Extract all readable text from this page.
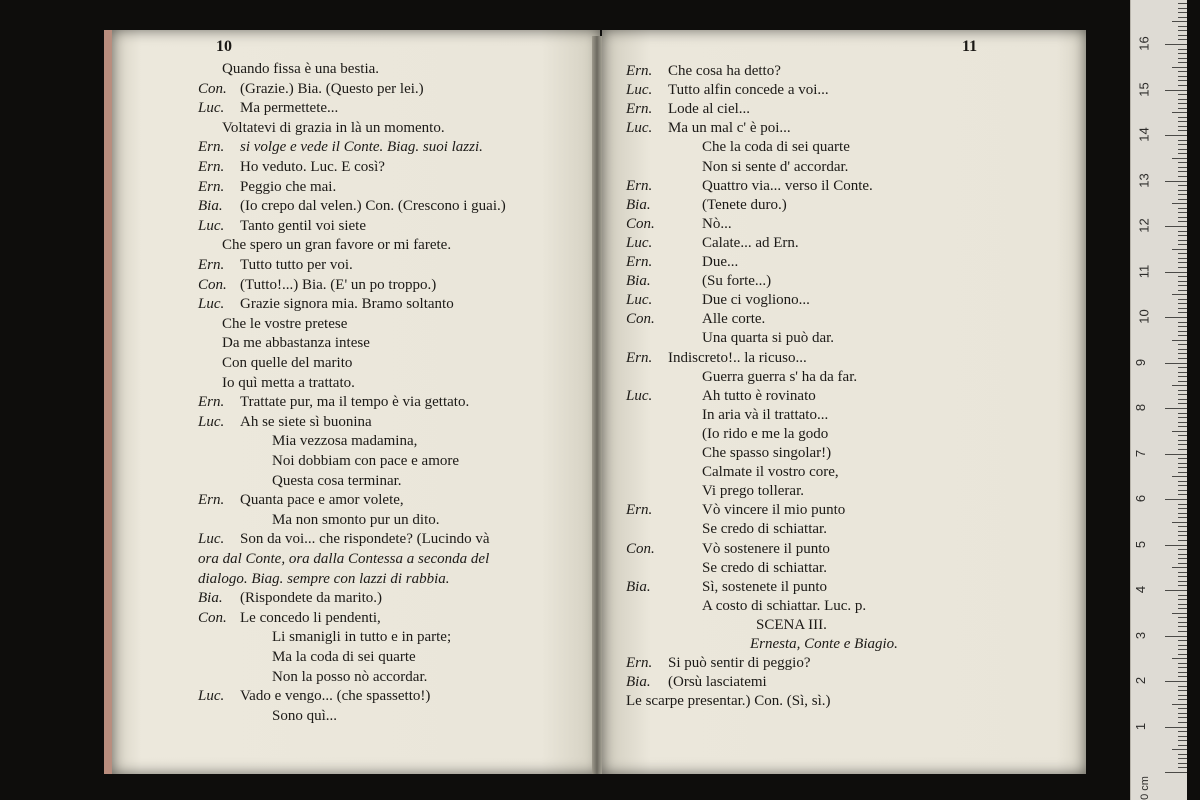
10
Quando fissa è una bestia.
Con. (Grazie.) Bia. (Questo per lei.)
Luc. Ma permettete...
Voltatevi di grazia in là un momento.
Ern. si volge e vede il Conte. Biag. suoi lazzi.
Ern. Ho veduto. Luc. E così?
Ern. Peggio che mai.
Bia. (Io crepo dal velen.) Con. (Crescono i guai.)
Luc. Tanto gentil voi siete
Che spero un gran favore or mi farete.
Ern. Tutto tutto per voi.
Con. (Tutto!...) Bia. (E' un po troppo.)
Luc. Grazie signora mia. Bramo soltanto
Che le vostre pretese
Da me abbastanza intese
Con quelle del marito
Io quì metta a trattato.
Ern. Trattate pur, ma il tempo è via gettato.
Luc. Ah se siete sì buonina
Mia vezzosa madamina,
Noi dobbiam con pace e amore
Questa cosa terminar.
Ern. Quanta pace e amor volete,
Ma non smonto pur un dito.
Luc. Son da voi... che rispondete? (Lucindo và
ora dal Conte, ora dalla Contessa a seconda del
dialogo. Biag. sempre con lazzi di rabbia.
Bia. (Rispondete da marito.)
Con. Le concedo li pendenti,
Li smanigli in tutto e in parte;
Ma la coda di sei quarte
Non la posso nò accordar.
Luc. Vado e vengo... (che spassetto!)
Sono quì...
11
Ern. Che cosa ha detto?
Luc. Tutto alfin concede a voi...
Ern. Lode al ciel...
Luc. Ma un mal c' è poi...
Che la coda di sei quarte
Non si sente d' accordar.
Ern.	Quattro via... verso il Conte.
Bia.	(Tenete duro.)
Con.	Nò...
Luc.	Calate... ad Ern.
Ern.	Due...
Bia.	(Su forte...)
Luc.	Due ci vogliono...
Con.	Alle corte.
Una quarta si può dar.
Ern. Indiscreto!.. la ricuso...
Guerra guerra s' ha da far.
Luc.	Ah tutto è rovinato
In aria và il trattato...
(Io rido e me la godo
Che spasso singolar!)
Calmate il vostro core,
Vi prego tollerar.
Ern.	Vò vincere il mio punto
Se credo di schiattar.
Con.	Vò sostenere il punto
Se credo di schiattar.
Bia.	Sì, sostenete il punto
A costo di schiattar. Luc. p.
SCENA III.
Ernesta, Conte e Biagio.
Ern. Si può sentir di peggio?
Bia. (Orsù lasciatemi
Le scarpe presentar.) Con. (Sì, sì.)
0 cm
1
2
3
4
5
6
7
8
9
10
11
12
13
14
15
16
